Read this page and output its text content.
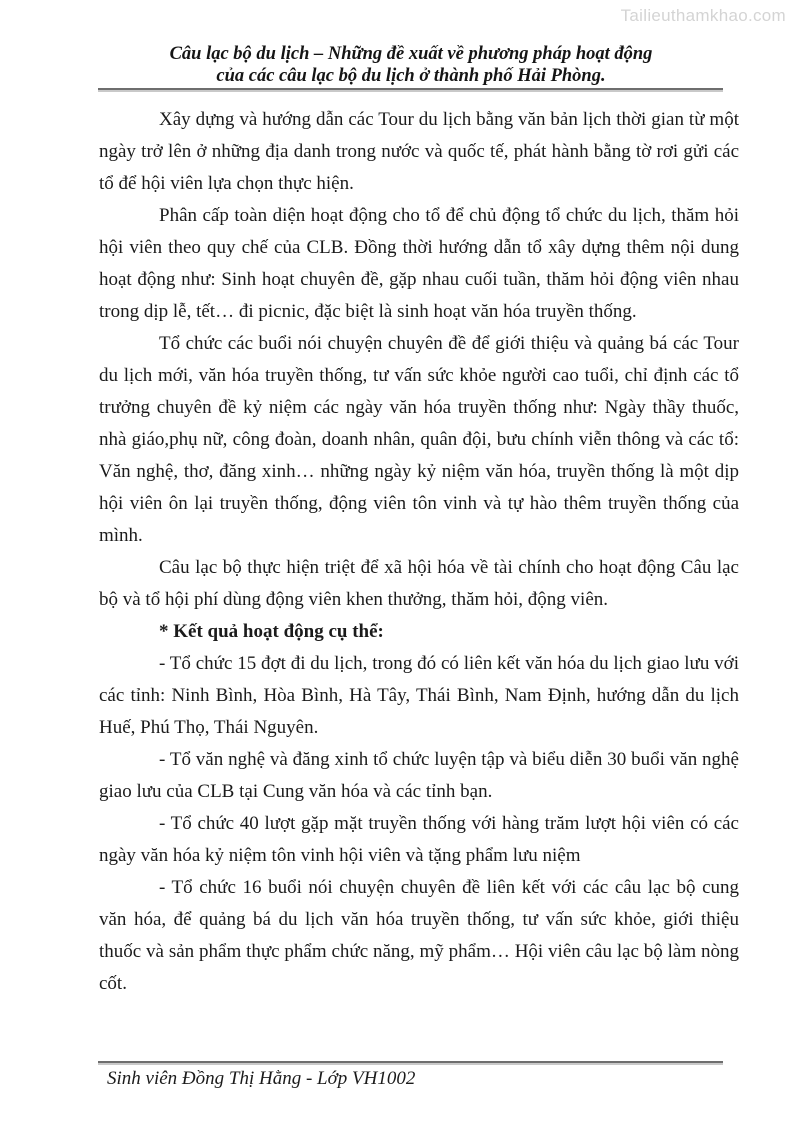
Tailieuthamkhao.com
Câu lạc bộ du lịch – Những đề xuất về phương pháp hoạt động
của các câu lạc bộ du lịch ở thành phố Hải Phòng.

Xây dựng và hướng dẫn các Tour du lịch bằng văn bản lịch thời gian từ một ngày trở lên ở những địa danh trong nước và quốc tế, phát hành bằng tờ rơi gửi các tổ để hội viên lựa chọn thực hiện.

Phân cấp toàn diện hoạt động cho tổ để chủ động tổ chức du lịch, thăm hỏi hội viên theo quy chế của CLB. Đồng thời hướng dẫn tổ xây dựng thêm nội dung hoạt động như: Sinh hoạt chuyên đề, gặp nhau cuối tuần, thăm hỏi động viên nhau trong dịp lễ, tết… đi picnic, đặc biệt là sinh hoạt văn hóa truyền thống.

Tổ chức các buổi nói chuyện chuyên đề để giới thiệu và quảng bá các Tour du lịch mới, văn hóa truyền thống, tư vấn sức khỏe người cao tuổi, chỉ định các tổ trưởng chuyên đề kỷ niệm các ngày văn hóa truyền thống như: Ngày thầy thuốc, nhà giáo,phụ nữ, công đoàn, doanh nhân, quân đội, bưu chính viễn thông và các tổ: Văn nghệ, thơ, đăng xinh… những ngày kỷ niệm văn hóa, truyền thống là một dịp hội viên ôn lại truyền thống, động viên tôn vinh và tự hào thêm truyền thống của mình.

Câu lạc bộ thực hiện triệt để xã hội hóa về tài chính cho hoạt động Câu lạc bộ và tổ hội phí dùng động viên khen thưởng, thăm hỏi, động viên.

* Kết quả hoạt động cụ thể:

- Tổ chức 15 đợt đi du lịch, trong đó có liên kết văn hóa du lịch giao lưu với các tỉnh: Ninh Bình, Hòa Bình, Hà Tây, Thái Bình, Nam Định, hướng dẫn du lịch Huế, Phú Thọ, Thái Nguyên.

- Tổ văn nghệ và đăng xinh tổ chức luyện tập và biểu diễn 30 buổi văn nghệ giao lưu của CLB tại Cung văn hóa và các tỉnh bạn.

- Tổ chức 40 lượt gặp mặt truyền thống với hàng trăm lượt hội viên có các ngày văn hóa kỷ niệm tôn vinh hội viên và tặng phẩm lưu niệm

- Tổ chức 16 buổi nói chuyện chuyên đề liên kết với các câu lạc bộ cung văn hóa, để quảng bá du lịch văn hóa truyền thống, tư vấn sức khỏe, giới thiệu thuốc và sản phẩm thực phẩm chức năng, mỹ phẩm… Hội viên câu lạc bộ làm nòng cốt.

Sinh viên Đồng Thị Hằng - Lớp VH1002
